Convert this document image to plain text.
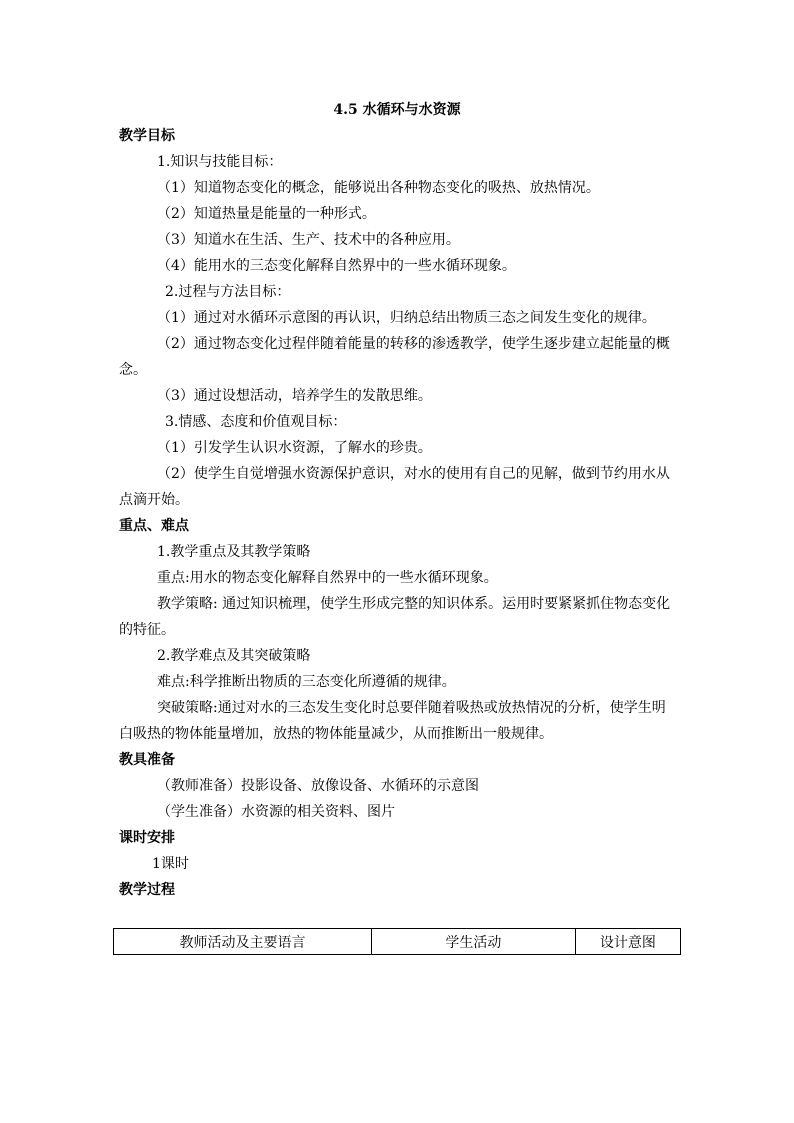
4.5 水循环与水资源

教学目标

1.知识与技能目标：

（1）知道物态变化的概念，能够说出各种物态变化的吸热、放热情况。

（2）知道热量是能量的一种形式。

（3）知道水在生活、生产、技术中的各种应用。

（4）能用水的三态变化解释自然界中的一些水循环现象。

2.过程与方法目标：

（1）通过对水循环示意图的再认识，归纳总结出物质三态之间发生变化的规律。

（2）通过物态变化过程伴随着能量的转移的渗透教学，使学生逐步建立起能量的概念。

（3）通过设想活动，培养学生的发散思维。

3.情感、态度和价值观目标：

（1）引发学生认识水资源，了解水的珍贵。

（2）使学生自觉增强水资源保护意识，对水的使用有自己的见解，做到节约用水从点滴开始。

重点、难点

1.教学重点及其教学策略

重点:用水的物态变化解释自然界中的一些水循环现象。

教学策略: 通过知识梳理，使学生形成完整的知识体系。运用时要紧紧抓住物态变化的特征。

2.教学难点及其突破策略

难点:科学推断出物质的三态变化所遵循的规律。

突破策略:通过对水的三态发生变化时总要伴随着吸热或放热情况的分析，使学生明白吸热的物体能量增加，放热的物体能量减少，从而推断出一般规律。

教具准备

（教师准备）投影设备、放像设备、水循环的示意图

（学生准备）水资源的相关资料、图片

课时安排

1课时

教学过程

教师活动及主要语言	学生活动	设计意图
